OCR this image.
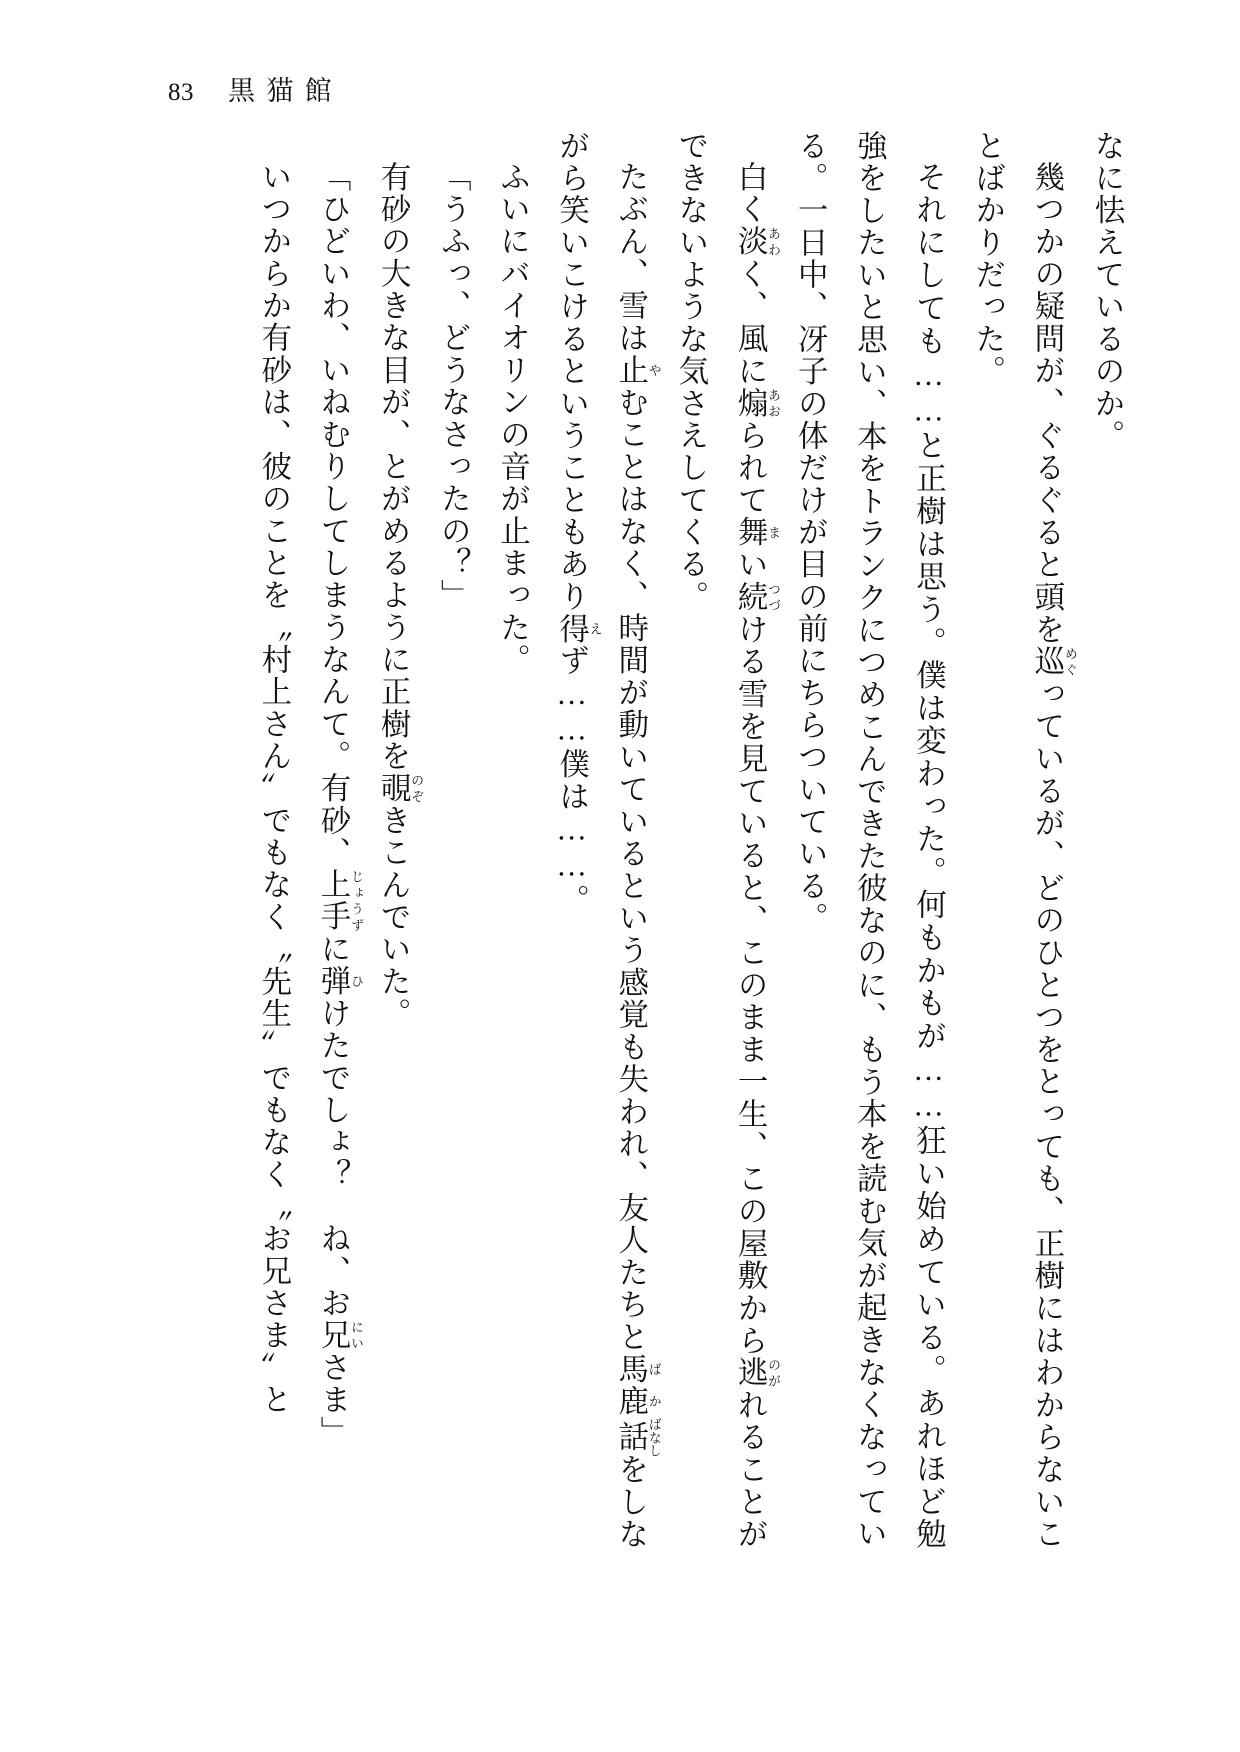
83 黒猫館

なに怯えているのか。

幾つかの疑問が、ぐるぐると頭を巡 めぐっているが、どのひとつをとっても、正樹にはわからないことばかりだった。

それにしても……と正樹は思う。僕は変わった。何もかもが……狂い始めている。あれほど勉強をしたいと思い、本をトランクにつめこんできた彼なのに、もう本を読む気が起きなくなっている。一日中、冴子の体だけが目の前にちらついている。

白く淡 あわく、風に煽 あおられて舞 まい続 つづける雪を見ていると、このまま一生、この屋敷から逃 のがれることができないような気さえしてくる。

たぶん、雪は止 やむことはなく、時間が動いているという感覚も失われ、友人たちと馬鹿 ばか話 ばなしをしながら笑いこけるということもあり得 えず……僕は……。

ふいにバイオリンの音が止まった。

「うふっ、どうなさったの？」

有砂の大きな目が、とがめるように正樹を覗 のぞきこんでいた。

「ひどいわ、いねむりしてしまうなんて。有砂、上手 じょうずに弾 ひけたでしょ？　ね、お兄 にいさま」

いつからか有砂は、彼のことを〝村上さん〟でもなく〝先生〟でもなく〝お兄さま〟と
